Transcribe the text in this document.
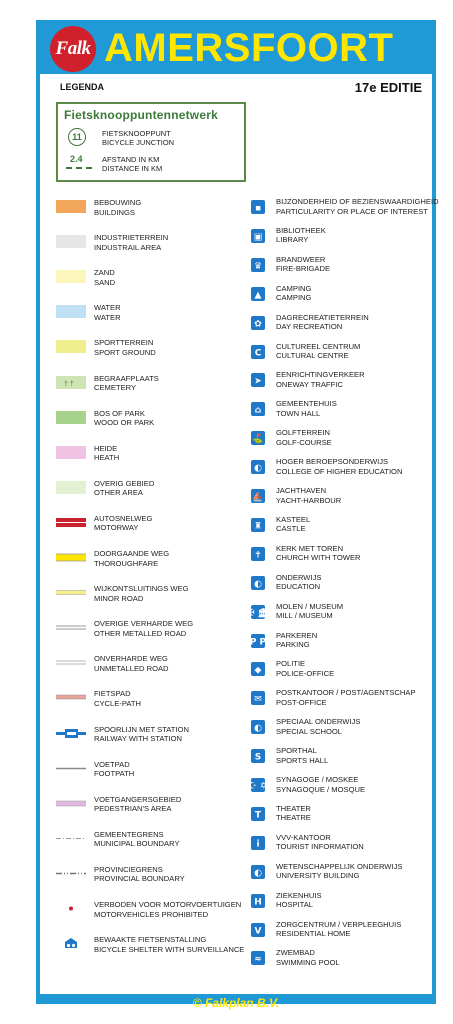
Falk AMERSFOORT
LEGENDA	17e EDITIE
Fietsknooppuntennetwerk
11	FIETSKNOOPPUNT
BICYCLE JUNCTION
2.4	AFSTAND IN KM
DISTANCE IN KM
BEBOUWING
BUILDINGS
INDUSTRIETERREIN
INDUSTRAIL AREA
ZAND
SAND
WATER
WATER
SPORTTERREIN
SPORT GROUND
† †
BEGRAAFPLAATS
CEMETERY
BOS OF PARK
WOOD OR PARK
HEIDE
HEATH
OVERIG GEBIED
OTHER AREA
AUTOSNELWEG
MOTORWAY
DOORGAANDE WEG
THOROUGHFARE
WIJKONTSLUITINGS WEG
MINOR ROAD
OVERIGE VERHARDE WEG
OTHER METALLED ROAD
ONVERHARDE WEG
UNMETALLED ROAD
FIETSPAD
CYCLE-PATH
SPOORLIJN MET STATION
RAILWAY WITH STATION
VOETPAD
FOOTPATH
VOETGANGERSGEBIED
PEDESTRIAN'S AREA
GEMEENTEGRENS
MUNICIPAL BOUNDARY
PROVINCIEGRENS
PROVINCIAL BOUNDARY
VERBODEN VOOR MOTORVOERTUIGEN
MOTORVEHICLES PROHIBITED
BEWAAKTE FIETSENSTALLING
BICYCLE SHELTER WITH SURVEILLANCE
▪
BIJZONDERHEID OF BEZIENSWAARDIGHEID
PARTICULARITY OR PLACE OF INTEREST
▣
BIBLIOTHEEK
LIBRARY
♛
BRANDWEER
FIRE-BRIGADE
▲
CAMPING
CAMPING
✿
DAGRECREATIETERREIN
DAY RECREATION
C
CULTUREEL CENTRUM
CULTURAL CENTRE
➤
EENRICHTINGVERKEER
ONEWAY TRAFFIC
⌂
GEMEENTEHUIS
TOWN HALL
⛳
GOLFTERREIN
GOLF-COURSE
◐
HOGER BEROEPSONDERWIJS
COLLEGE OF HIGHER EDUCATION
⛵
JACHTHAVEN
YACHT-HARBOUR
♜
KASTEEL
CASTLE
✝
KERK MET TOREN
CHURCH WITH TOWER
◐
ONDERWIJS
EDUCATION
✠ 🏛
MOLEN / MUSEUM
MILL / MUSEUM
P P
PARKEREN
PARKING
◆
POLITIE
POLICE-OFFICE
✉
POSTKANTOOR / POST/AGENTSCHAP
POST-OFFICE
◐
SPECIAAL ONDERWIJS
SPECIAL SCHOOL
S
SPORTHAL
SPORTS HALL
☪ ✡
SYNAGOGE / MOSKEE
SYNAGOQUE / MOSQUE
T
THEATER
THEATRE
i
VVV-KANTOOR
TOURIST INFORMATION
◐
WETENSCHAPPELIJK ONDERWIJS
UNIVERSITY BUILDING
H
ZIEKENHUIS
HOSPITAL
V
ZORGCENTRUM / VERPLEEGHUIS
RESIDENTIAL HOME
≈
ZWEMBAD
SWIMMING POOL
© Falkplan B.V.
